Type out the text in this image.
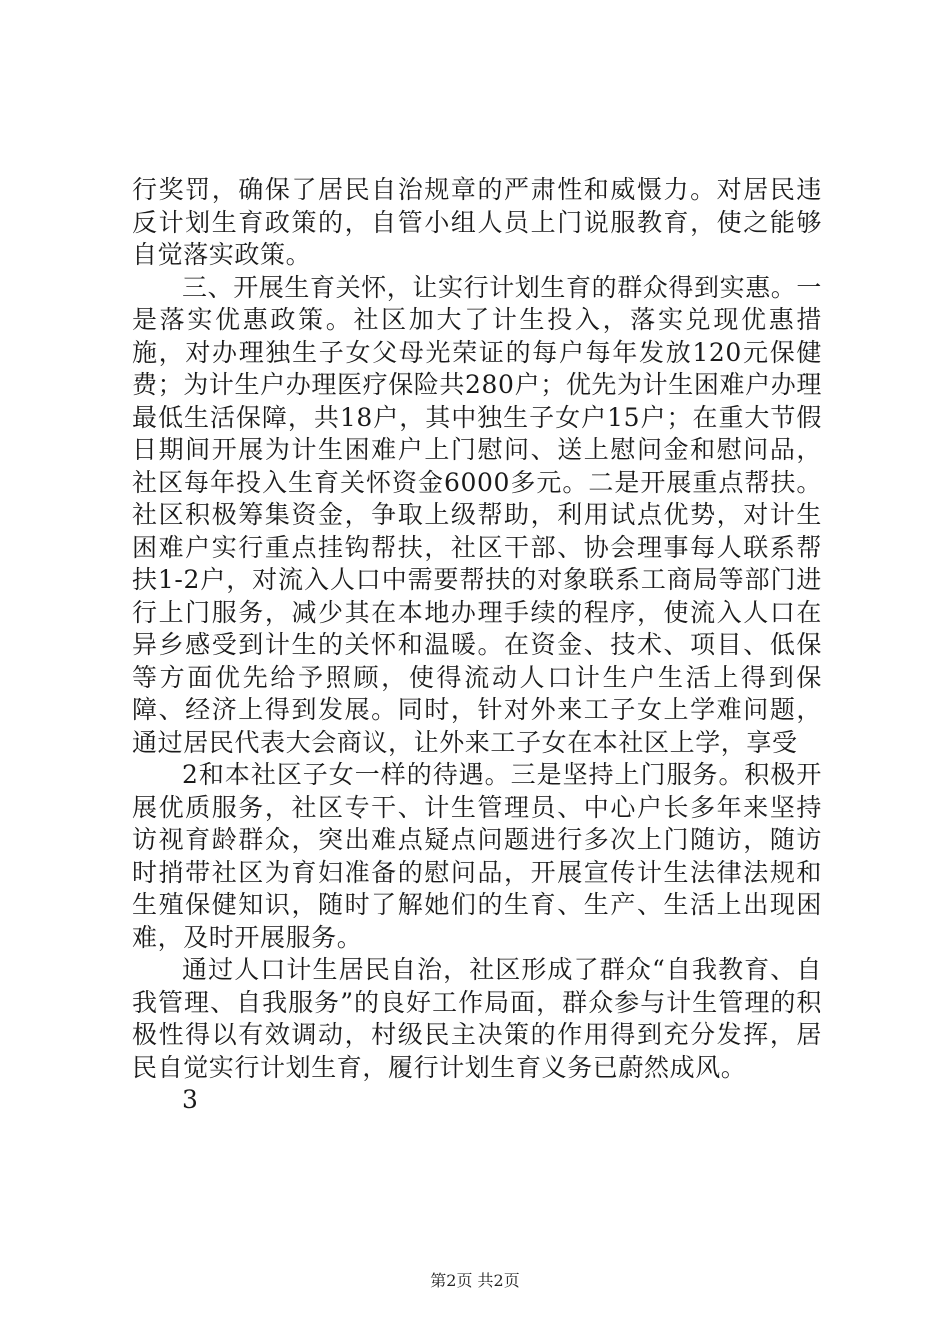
行奖罚，确保了居民自治规章的严肃性和威慑力。对居民违反计划生育政策的，自管小组人员上门说服教育，使之能够自觉落实政策。

三、开展生育关怀，让实行计划生育的群众得到实惠。一是落实优惠政策。社区加大了计生投入，落实兑现优惠措施，对办理独生子女父母光荣证的每户每年发放120元保健费；为计生户办理医疗保险共280户；优先为计生困难户办理最低生活保障，共18户，其中独生子女户15户；在重大节假日期间开展为计生困难户上门慰问、送上慰问金和慰问品，社区每年投入生育关怀资金6000多元。二是开展重点帮扶。社区积极筹集资金，争取上级帮助，利用试点优势，对计生困难户实行重点挂钩帮扶，社区干部、协会理事每人联系帮扶1-2户，对流入人口中需要帮扶的对象联系工商局等部门进行上门服务，减少其在本地办理手续的程序，使流入人口在异乡感受到计生的关怀和温暖。在资金、技术、项目、低保等方面优先给予照顾，使得流动人口计生户生活上得到保障、经济上得到发展。同时，针对外来工子女上学难问题，通过居民代表大会商议，让外来工子女在本社区上学，享受

2和本社区子女一样的待遇。三是坚持上门服务。积极开展优质服务，社区专干、计生管理员、中心户长多年来坚持访视育龄群众，突出难点疑点问题进行多次上门随访，随访时捎带社区为育妇准备的慰问品，开展宣传计生法律法规和生殖保健知识，随时了解她们的生育、生产、生活上出现困难，及时开展服务。

通过人口计生居民自治，社区形成了群众“自我教育、自我管理、自我服务”的良好工作局面，群众参与计生管理的积极性得以有效调动，村级民主决策的作用得到充分发挥，居民自觉实行计划生育，履行计划生育义务已蔚然成风。

3

第2页 共2页
